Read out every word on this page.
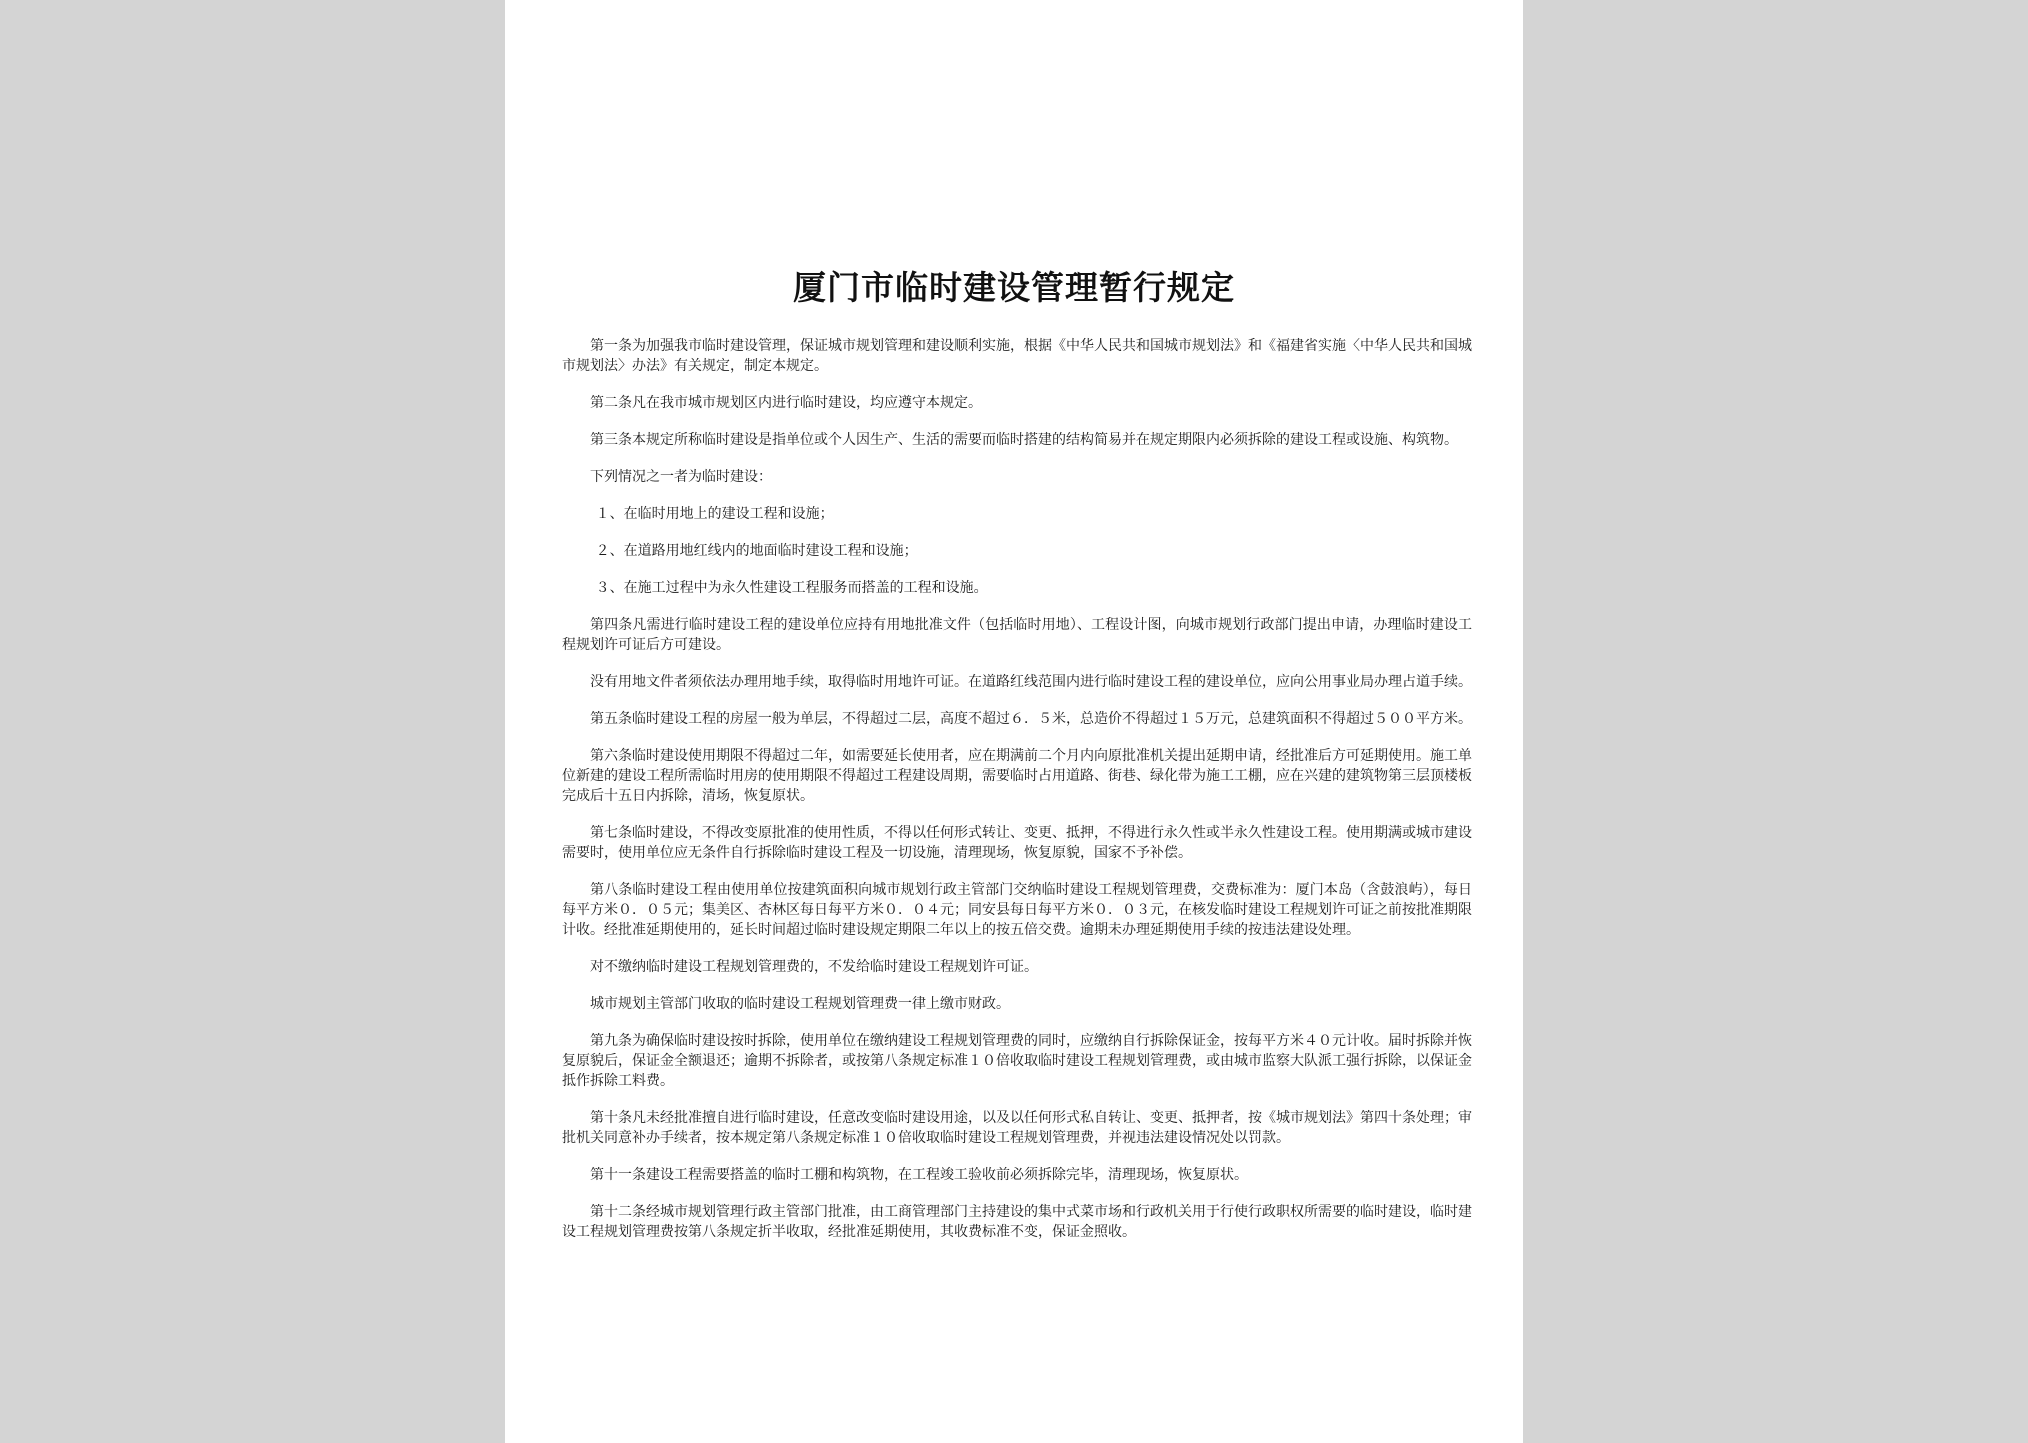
厦门市临时建设管理暂行规定

第一条为加强我市临时建设管理，保证城市规划管理和建设顺利实施，根据《中华人民共和国城市规划法》和《福建省实施〈中华人民共和国城市规划法〉办法》有关规定，制定本规定。

第二条凡在我市城市规划区内进行临时建设，均应遵守本规定。

第三条本规定所称临时建设是指单位或个人因生产、生活的需要而临时搭建的结构简易并在规定期限内必须拆除的建设工程或设施、构筑物。

下列情况之一者为临时建设：

１、在临时用地上的建设工程和设施；

２、在道路用地红线内的地面临时建设工程和设施；

３、在施工过程中为永久性建设工程服务而搭盖的工程和设施。

第四条凡需进行临时建设工程的建设单位应持有用地批准文件（包括临时用地）、工程设计图，向城市规划行政部门提出申请，办理临时建设工程规划许可证后方可建设。

没有用地文件者须依法办理用地手续，取得临时用地许可证。在道路红线范围内进行临时建设工程的建设单位，应向公用事业局办理占道手续。

第五条临时建设工程的房屋一般为单层，不得超过二层，高度不超过６．５米，总造价不得超过１５万元，总建筑面积不得超过５００平方米。

第六条临时建设使用期限不得超过二年，如需要延长使用者，应在期满前二个月内向原批准机关提出延期申请，经批准后方可延期使用。施工单位新建的建设工程所需临时用房的使用期限不得超过工程建设周期，需要临时占用道路、街巷、绿化带为施工工棚，应在兴建的建筑物第三层顶楼板完成后十五日内拆除，清场，恢复原状。

第七条临时建设，不得改变原批准的使用性质，不得以任何形式转让、变更、抵押，不得进行永久性或半永久性建设工程。使用期满或城市建设需要时，使用单位应无条件自行拆除临时建设工程及一切设施，清理现场，恢复原貌，国家不予补偿。

第八条临时建设工程由使用单位按建筑面积向城市规划行政主管部门交纳临时建设工程规划管理费，交费标准为：厦门本岛（含鼓浪屿），每日每平方米０．０５元；集美区、杏林区每日每平方米０．０４元；同安县每日每平方米０．０３元，在核发临时建设工程规划许可证之前按批准期限计收。经批准延期使用的，延长时间超过临时建设规定期限二年以上的按五倍交费。逾期未办理延期使用手续的按违法建设处理。

对不缴纳临时建设工程规划管理费的，不发给临时建设工程规划许可证。

城市规划主管部门收取的临时建设工程规划管理费一律上缴市财政。

第九条为确保临时建设按时拆除，使用单位在缴纳建设工程规划管理费的同时，应缴纳自行拆除保证金，按每平方米４０元计收。届时拆除并恢复原貌后，保证金全额退还；逾期不拆除者，或按第八条规定标准１０倍收取临时建设工程规划管理费，或由城市监察大队派工强行拆除，以保证金抵作拆除工料费。

第十条凡未经批准擅自进行临时建设，任意改变临时建设用途，以及以任何形式私自转让、变更、抵押者，按《城市规划法》第四十条处理；审批机关同意补办手续者，按本规定第八条规定标准１０倍收取临时建设工程规划管理费，并视违法建设情况处以罚款。

第十一条建设工程需要搭盖的临时工棚和构筑物，在工程竣工验收前必须拆除完毕，清理现场，恢复原状。

第十二条经城市规划管理行政主管部门批准，由工商管理部门主持建设的集中式菜市场和行政机关用于行使行政职权所需要的临时建设，临时建设工程规划管理费按第八条规定折半收取，经批准延期使用，其收费标准不变，保证金照收。
